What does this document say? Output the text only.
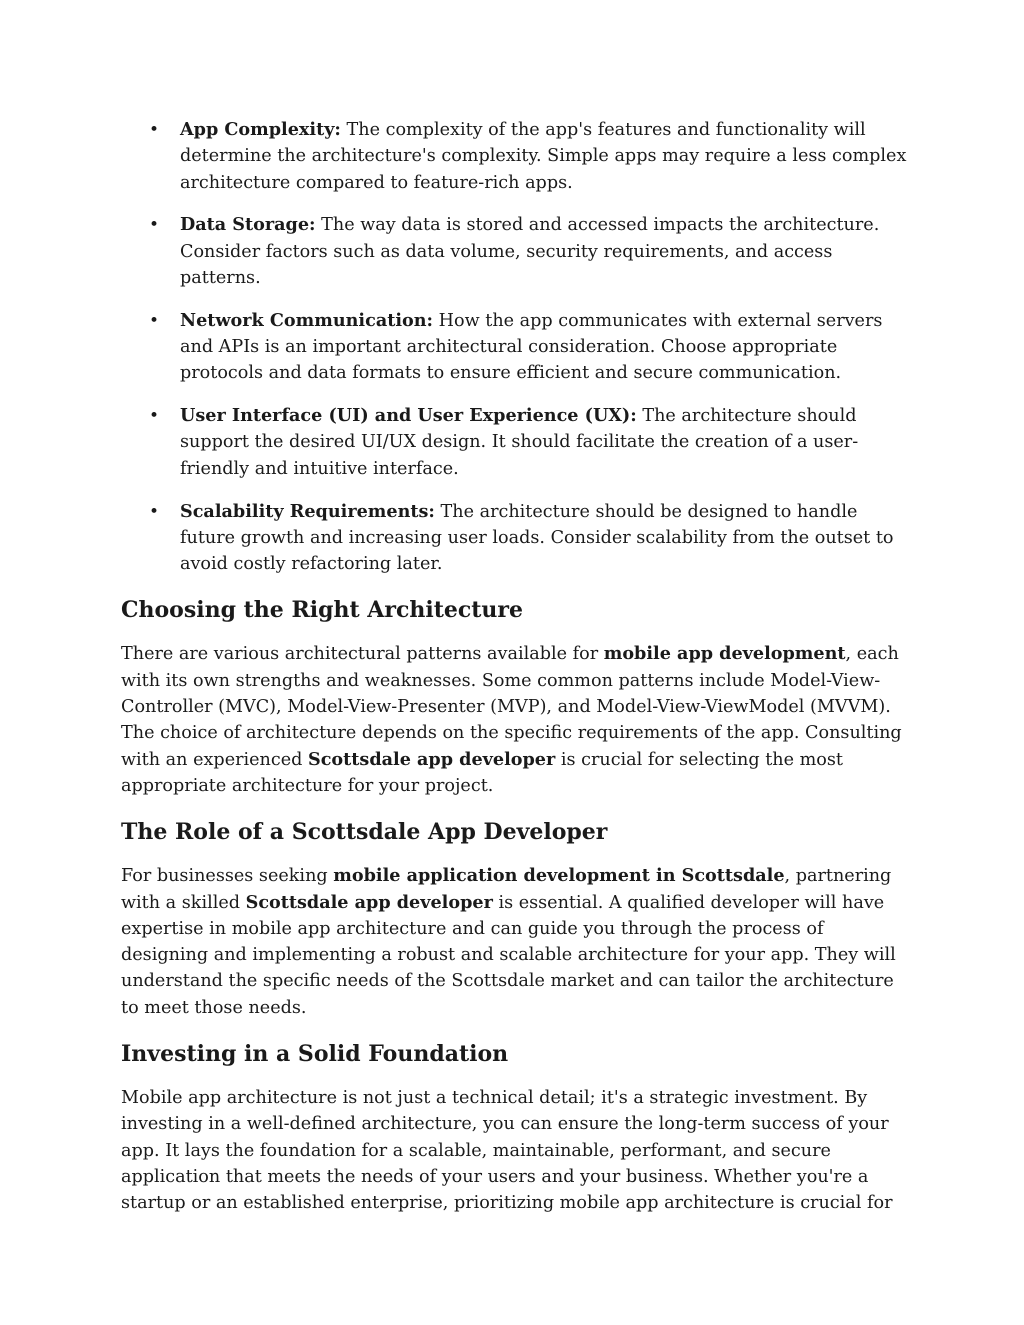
• App Complexity: The complexity of the app's features and functionality will determine the architecture's complexity. Simple apps may require a less complex architecture compared to feature-rich apps.
• Data Storage: The way data is stored and accessed impacts the architecture. Consider factors such as data volume, security requirements, and access patterns.
• Network Communication: How the app communicates with external servers and APIs is an important architectural consideration. Choose appropriate protocols and data formats to ensure efficient and secure communication.
• User Interface (UI) and User Experience (UX): The architecture should support the desired UI/UX design. It should facilitate the creation of a user-friendly and intuitive interface.
• Scalability Requirements: The architecture should be designed to handle future growth and increasing user loads. Consider scalability from the outset to avoid costly refactoring later.
Choosing the Right Architecture

There are various architectural patterns available for mobile app development, each with its own strengths and weaknesses. Some common patterns include Model-View-Controller (MVC), Model-View-Presenter (MVP), and Model-View-ViewModel (MVVM). The choice of architecture depends on the specific requirements of the app. Consulting with an experienced Scottsdale app developer is crucial for selecting the most appropriate architecture for your project.

The Role of a Scottsdale App Developer

For businesses seeking mobile application development in Scottsdale, partnering with a skilled Scottsdale app developer is essential. A qualified developer will have expertise in mobile app architecture and can guide you through the process of designing and implementing a robust and scalable architecture for your app. They will understand the specific needs of the Scottsdale market and can tailor the architecture to meet those needs.

Investing in a Solid Foundation

Mobile app architecture is not just a technical detail; it's a strategic investment. By investing in a well-defined architecture, you can ensure the long-term success of your app. It lays the foundation for a scalable, maintainable, performant, and secure application that meets the needs of your users and your business. Whether you're a startup or an established enterprise, prioritizing mobile app architecture is crucial for
